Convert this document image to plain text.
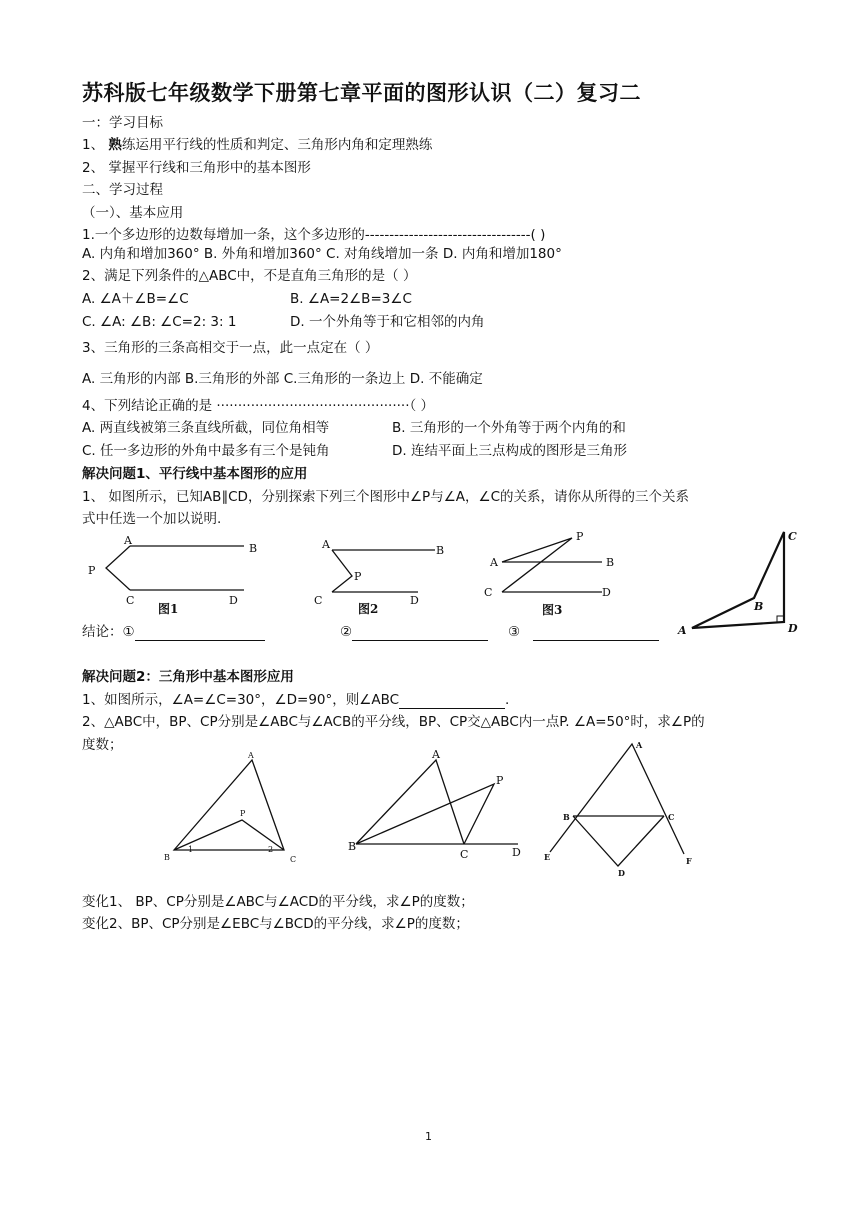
苏科版七年级数学下册第七章平面的图形认识（二）复习二
一：学习目标
1、 熟练运用平行线的性质和判定、三角形内角和定理熟练
2、 掌握平行线和三角形中的基本图形
二、学习过程
（一）、基本应用
1.一个多边形的边数每增加一条，这个多边形的----------------------------------( )
A. 内角和增加360° B. 外角和增加360° C. 对角线增加一条 D. 内角和增加180°
2、满足下列条件的△ABC中，不是直角三角形的是（ ）
A. ∠A＋∠B=∠C	B. ∠A=2∠B=3∠C
C. ∠A: ∠B: ∠C=2: 3: 1	D. 一个外角等于和它相邻的内角
3、三角形的三条高相交于一点，此一点定在（ ）
A. 三角形的内部 B.三角形的外部 C.三角形的一条边上 D. 不能确定
4、下列结论正确的是 ·············································（ ）
A. 两直线被第三条直线所截，同位角相等	B. 三角形的一个外角等于两个内角的和
C. 任一多边形的外角中最多有三个是钝角	D. 连结平面上三点构成的图形是三角形
解决问题1、平行线中基本图形的应用
1、 如图所示，已知AB∥CD，分别探索下列三个图形中∠P与∠A，∠C的关系，请你从所得的三个关系
式中任选一个加以说明.
A
B
P
C	D
图1
A	B
P
C	D
图2
P
A	B
C	D
图3
C
B
A	D
结论：①	②	③
解决问题2：三角形中基本图形应用
1、如图所示，∠A=∠C=30°，∠D=90°，则∠ABC	.
2、△ABC中，BP、CP分别是∠ABC与∠ACB的平分线，BP、CP交△ABC内一点P. ∠A=50°时，求∠P的
度数；
A
P
B	C
1	2
A
P
B
C	D
A
B	C
D
E	F
变化1、 BP、CP分别是∠ABC与∠ACD的平分线，求∠P的度数；
变化2、BP、CP分别是∠EBC与∠BCD的平分线，求∠P的度数；
1
